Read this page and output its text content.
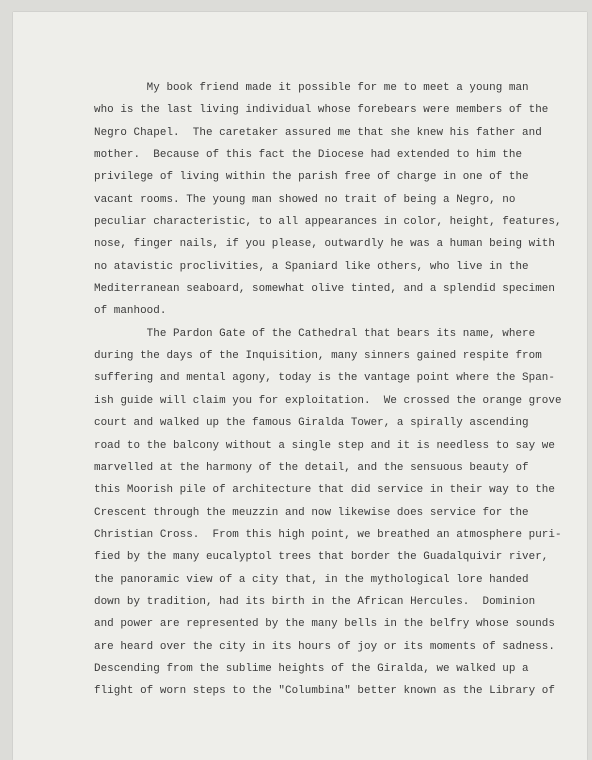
My book friend made it possible for me to meet a young man
who is the last living individual whose forebears were members of the
Negro Chapel.  The caretaker assured me that she knew his father and
mother.  Because of this fact the Diocese had extended to him the
privilege of living within the parish free of charge in one of the
vacant rooms. The young man showed no trait of being a Negro, no
peculiar characteristic, to all appearances in color, height, features,
nose, finger nails, if you please, outwardly he was a human being with
no atavistic proclivities, a Spaniard like others, who live in the
Mediterranean seaboard, somewhat olive tinted, and a splendid specimen
of manhood.
The Pardon Gate of the Cathedral that bears its name, where
during the days of the Inquisition, many sinners gained respite from
suffering and mental agony, today is the vantage point where the Span-
ish guide will claim you for exploitation.  We crossed the orange grove
court and walked up the famous Giralda Tower, a spirally ascending
road to the balcony without a single step and it is needless to say we
marvelled at the harmony of the detail, and the sensuous beauty of
this Moorish pile of architecture that did service in their way to the
Crescent through the meuzzin and now likewise does service for the
Christian Cross.  From this high point, we breathed an atmosphere puri-
fied by the many eucalyptol trees that border the Guadalquivir river,
the panoramic view of a city that, in the mythological lore handed
down by tradition, had its birth in the African Hercules.  Dominion
and power are represented by the many bells in the belfry whose sounds
are heard over the city in its hours of joy or its moments of sadness.
Descending from the sublime heights of the Giralda, we walked up a
flight of worn steps to the "Columbina" better known as the Library of
